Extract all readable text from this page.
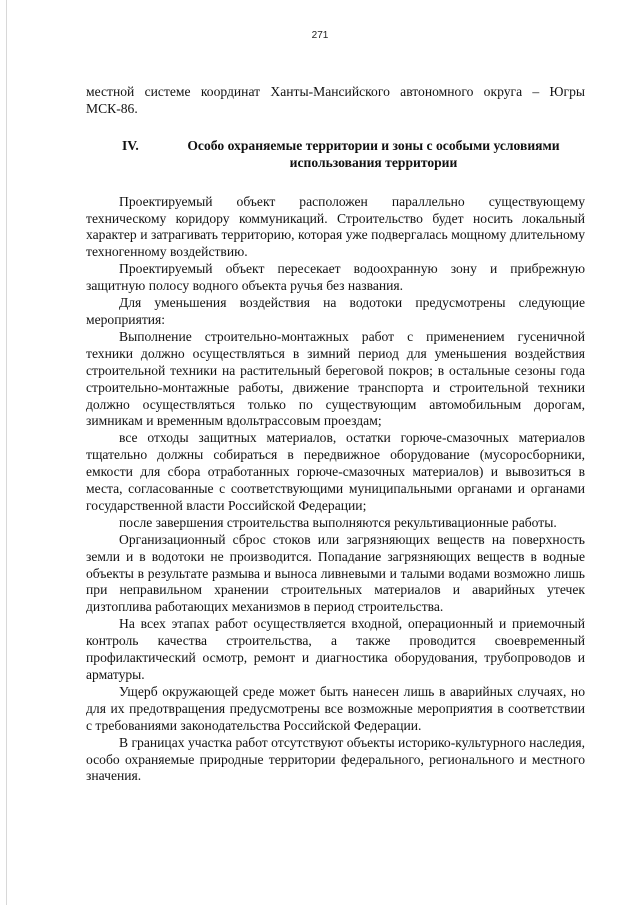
271

местной системе координат Ханты-Мансийского автономного округа – Югры МСК-86.

IV.	Особо охраняемые территории и зоны с особыми условиями использования территории

Проектируемый объект расположен параллельно существующему техническому коридору коммуникаций. Строительство будет носить локальный характер и затрагивать территорию, которая уже подвергалась мощному длительному техногенному воздействию.

Проектируемый объект пересекает водоохранную зону и прибрежную защитную полосу водного объекта ручья без названия.

Для уменьшения воздействия на водотоки предусмотрены следующие мероприятия:

Выполнение строительно-монтажных работ с применением гусеничной техники должно осуществляться в зимний период для уменьшения воздействия строительной техники на растительный береговой покров; в остальные сезоны года строительно-монтажные работы, движение транспорта и строительной техники должно осуществляться только по существующим автомобильным дорогам, зимникам и временным вдольтрассовым проездам;

все отходы защитных материалов, остатки горюче-смазочных материалов тщательно должны собираться в передвижное оборудование (мусоросборники, емкости для сбора отработанных горюче-смазочных материалов) и вывозиться в места, согласованные с соответствующими муниципальными органами и органами государственной власти Российской Федерации;

после завершения строительства выполняются рекультивационные работы.

Организационный сброс стоков или загрязняющих веществ на поверхность земли и в водотоки не производится. Попадание загрязняющих веществ в водные объекты в результате размыва и выноса ливневыми и талыми водами возможно лишь при неправильном хранении строительных материалов и аварийных утечек дизтоплива работающих механизмов в период строительства.

На всех этапах работ осуществляется входной, операционный и приемочный контроль качества строительства, а также проводится своевременный профилактический осмотр, ремонт и диагностика оборудования, трубопроводов и арматуры.

Ущерб окружающей среде может быть нанесен лишь в аварийных случаях, но для их предотвращения предусмотрены все возможные мероприятия в соответствии с требованиями законодательства Российской Федерации.

В границах участка работ отсутствуют объекты историко-культурного наследия, особо охраняемые природные территории федерального, регионального и местного значения.
